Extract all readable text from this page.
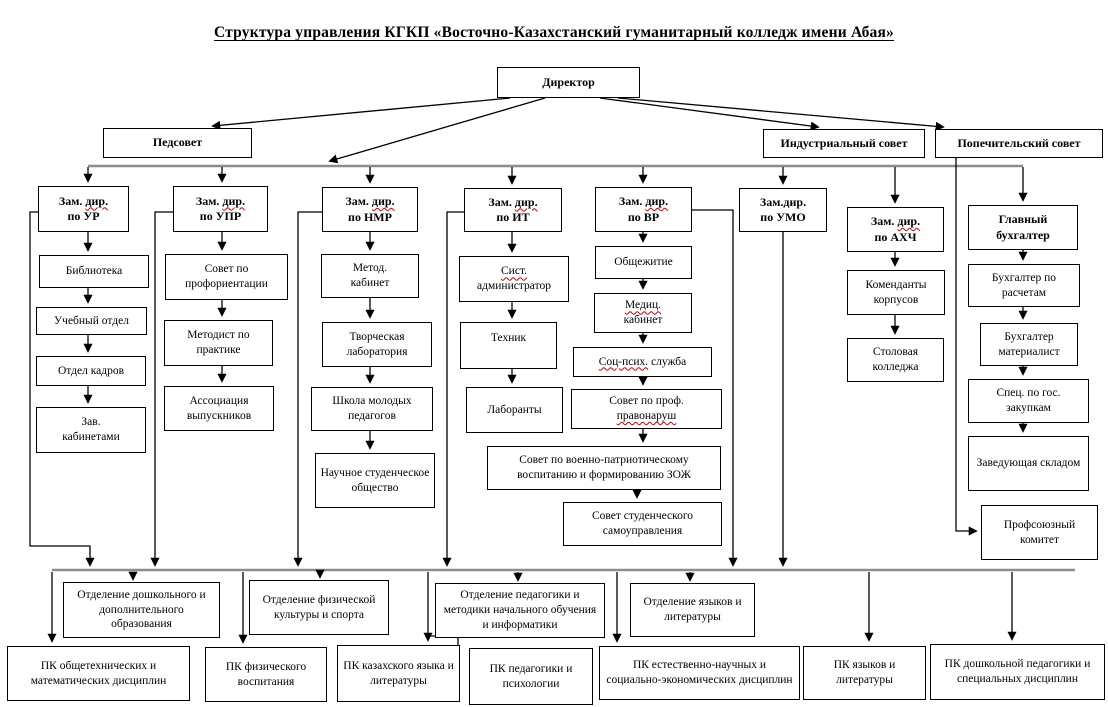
Структура управления КГКП «Восточно-Казахстанский гуманитарный колледж имени Абая»
Директор
Педсовет	Индустриальный совет	Попечительский совет
Зам. дир.
по УР
Зам. дир.
по УПР
Зам. дир.
по НМР
Зам. дир.
по ИТ
Зам. дир.
по ВР
Зам.дир.
по УМО	Зам. дир.
по АХЧ
Главный бухгалтер
Библиотека
Учебный отдел
Отдел кадров
Зав.
кабинетами
Совет по профориентации
Методист по практике
Ассоциация выпускников
Метод.
кабинет
Творческая лаборатория
Школа молодых педагогов
Научное студенческое общество
Сист.
администратор
Техник
Лаборанты
Общежитие
Медиц.
кабинет
Соц-псих. служба
Совет по проф.
правонаруш
Совет по военно-патриотическому воспитанию и формированию ЗОЖ
Совет студенческого самоуправления
Коменданты корпусов
Столовая колледжа
Бухгалтер по расчетам
Бухгалтер материалист
Спец. по гос. закупкам
Заведующая складом
Профсоюзный комитет
Отделение дошкольного и дополнительного образования
Отделение физической культуры и спорта
Отделение педагогики и методики начального обучения и информатики
Отделение языков и литературы
ПК общетехнических и математических дисциплин
ПК физического воспитания
ПК казахского языка и литературы
ПК педагогики и психологии
ПК естественно-научных и социально-экономических дисциплин
ПК языков и литературы
ПК дошкольной педагогики и специальных дисциплин
